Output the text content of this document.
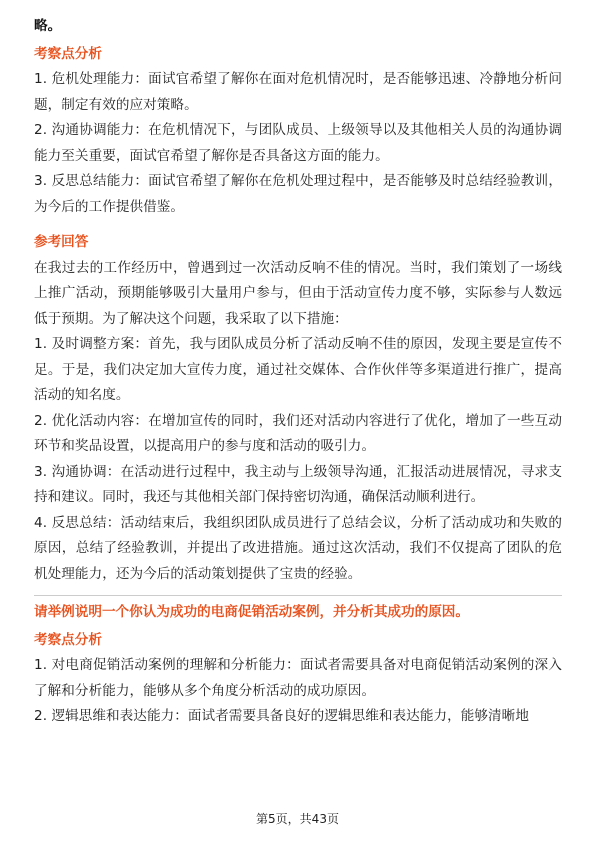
略。

考察点分析

1. 危机处理能力：面试官希望了解你在面对危机情况时，是否能够迅速、冷静地分析问题，制定有效的应对策略。

2. 沟通协调能力：在危机情况下，与团队成员、上级领导以及其他相关人员的沟通协调能力至关重要，面试官希望了解你是否具备这方面的能力。

3. 反思总结能力：面试官希望了解你在危机处理过程中，是否能够及时总结经验教训，为今后的工作提供借鉴。

参考回答

在我过去的工作经历中，曾遇到过一次活动反响不佳的情况。当时，我们策划了一场线上推广活动，预期能够吸引大量用户参与，但由于活动宣传力度不够，实际参与人数远低于预期。为了解决这个问题，我采取了以下措施：

1. 及时调整方案：首先，我与团队成员分析了活动反响不佳的原因，发现主要是宣传不足。于是，我们决定加大宣传力度，通过社交媒体、合作伙伴等多渠道进行推广，提高活动的知名度。

2. 优化活动内容：在增加宣传的同时，我们还对活动内容进行了优化，增加了一些互动环节和奖品设置，以提高用户的参与度和活动的吸引力。

3. 沟通协调：在活动进行过程中，我主动与上级领导沟通，汇报活动进展情况，寻求支持和建议。同时，我还与其他相关部门保持密切沟通，确保活动顺利进行。

4. 反思总结：活动结束后，我组织团队成员进行了总结会议，分析了活动成功和失败的原因，总结了经验教训，并提出了改进措施。通过这次活动，我们不仅提高了团队的危机处理能力，还为今后的活动策划提供了宝贵的经验。

请举例说明一个你认为成功的电商促销活动案例，并分析其成功的原因。

考察点分析

1. 对电商促销活动案例的理解和分析能力：面试者需要具备对电商促销活动案例的深入了解和分析能力，能够从多个角度分析活动的成功原因。

2. 逻辑思维和表达能力：面试者需要具备良好的逻辑思维和表达能力，能够清晰地

第5页，共43页
